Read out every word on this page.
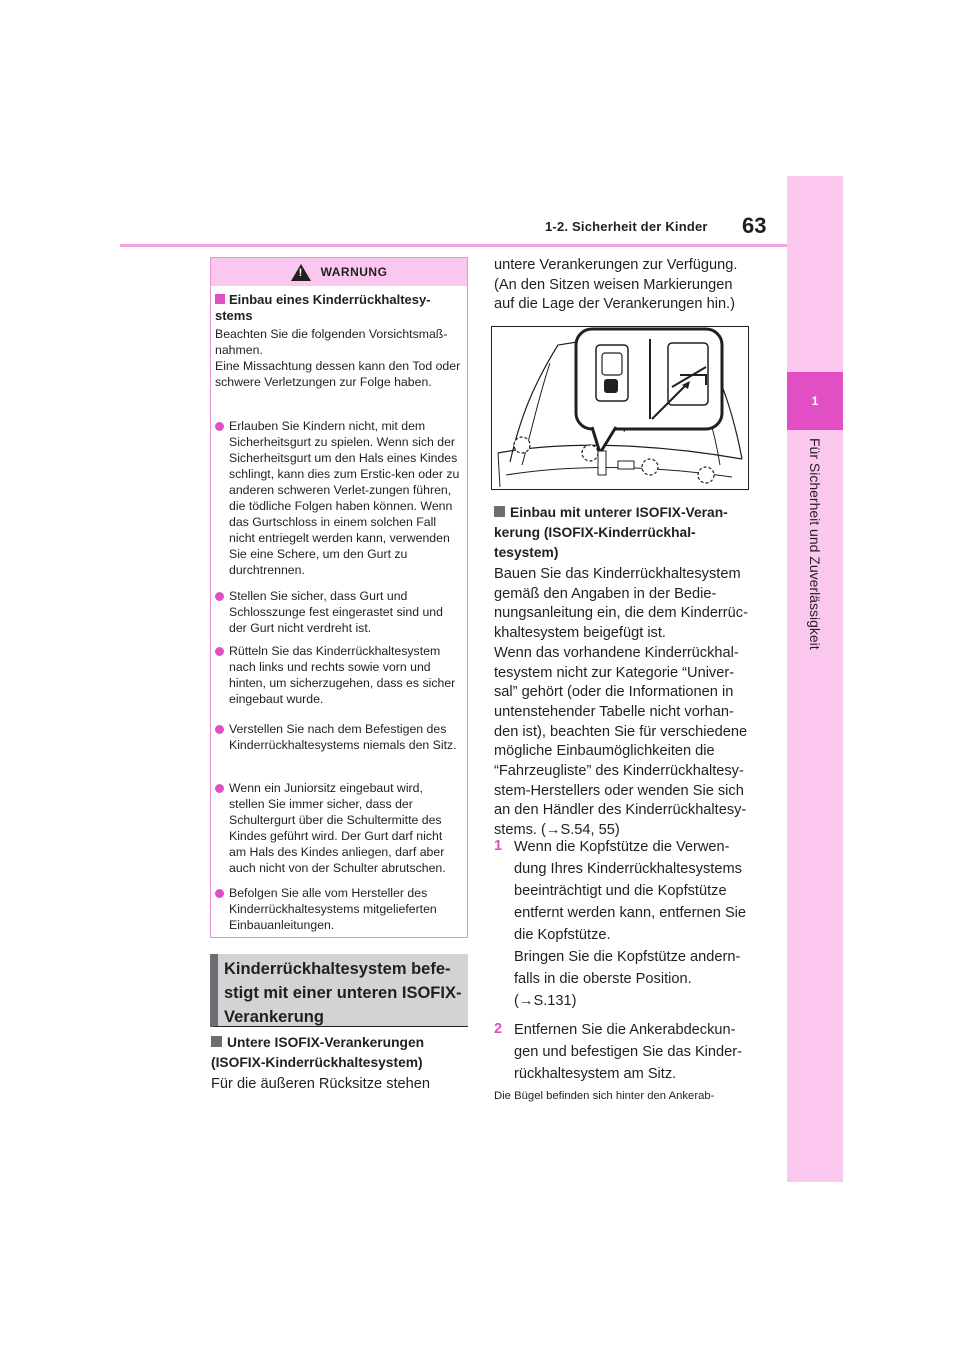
1-2. Sicherheit der Kinder 63
1
Für Sicherheit und Zuverlässigkeit
!
WARNUNG
Einbau eines Kinderrückhaltesy-stems
Beachten Sie die folgenden Vorsichtsmaß-nahmen.
Eine Missachtung dessen kann den Tod oder schwere Verletzungen zur Folge haben.
Erlauben Sie Kindern nicht, mit dem Sicherheitsgurt zu spielen. Wenn sich der Sicherheitsgurt um den Hals eines Kindes schlingt, kann dies zum Erstic-ken oder zu anderen schweren Verlet-zungen führen, die tödliche Folgen haben können. Wenn das Gurtschloss in einem solchen Fall nicht entriegelt werden kann, verwenden Sie eine Schere, um den Gurt zu durchtrennen.
Stellen Sie sicher, dass Gurt und Schlosszunge fest eingerastet sind und der Gurt nicht verdreht ist.
Rütteln Sie das Kinderrückhaltesystem nach links und rechts sowie vorn und hinten, um sicherzugehen, dass es sicher eingebaut wurde.
Verstellen Sie nach dem Befestigen des Kinderrückhaltesystems niemals den Sitz.
Wenn ein Juniorsitz eingebaut wird, stellen Sie immer sicher, dass der Schultergurt über die Schultermitte des Kindes geführt wird. Der Gurt darf nicht am Hals des Kindes anliegen, darf aber auch nicht von der Schulter abrutschen.
Befolgen Sie alle vom Hersteller des Kinderrückhaltesystems mitgelieferten Einbauanleitungen.
Kinderrückhaltesystem befe-stigt mit einer unteren ISOFIX-Verankerung
Untere ISOFIX-Verankerungen (ISOFIX-Kinderrückhaltesystem)
Für die äußeren Rücksitze stehen
untere Verankerungen zur Verfügung. (An den Sitzen weisen Markierungen auf die Lage der Verankerungen hin.)
Einbau mit unterer ISOFIX-Veran-kerung (ISOFIX-Kinderrückhal-tesystem)
Bauen Sie das Kinderrückhaltesystem gemäß den Angaben in der Bedie-nungsanleitung ein, die dem Kinderrüc-khaltesystem beigefügt ist.
Wenn das vorhandene Kinderrückhal-tesystem nicht zur Kategorie “Univer-sal” gehört (oder die Informationen in untenstehender Tabelle nicht vorhan-den ist), beachten Sie für verschiedene mögliche Einbaumöglichkeiten die “Fahrzeugliste” des Kinderrückhaltesy-stem-Herstellers oder wenden Sie sich an den Händler des Kinderrückhaltesy-stems. (→S.54, 55)
1 Wenn die Kopfstütze die Verwen-dung Ihres Kinderrückhaltesystems beeinträchtigt und die Kopfstütze entfernt werden kann, entfernen Sie die Kopfstütze.
Bringen Sie die Kopfstütze andern-falls in die oberste Position.
(→S.131)
2 Entfernen Sie die Ankerabdeckun-gen und befestigen Sie das Kinder-rückhaltesystem am Sitz.
Die Bügel befinden sich hinter den Ankerab-
